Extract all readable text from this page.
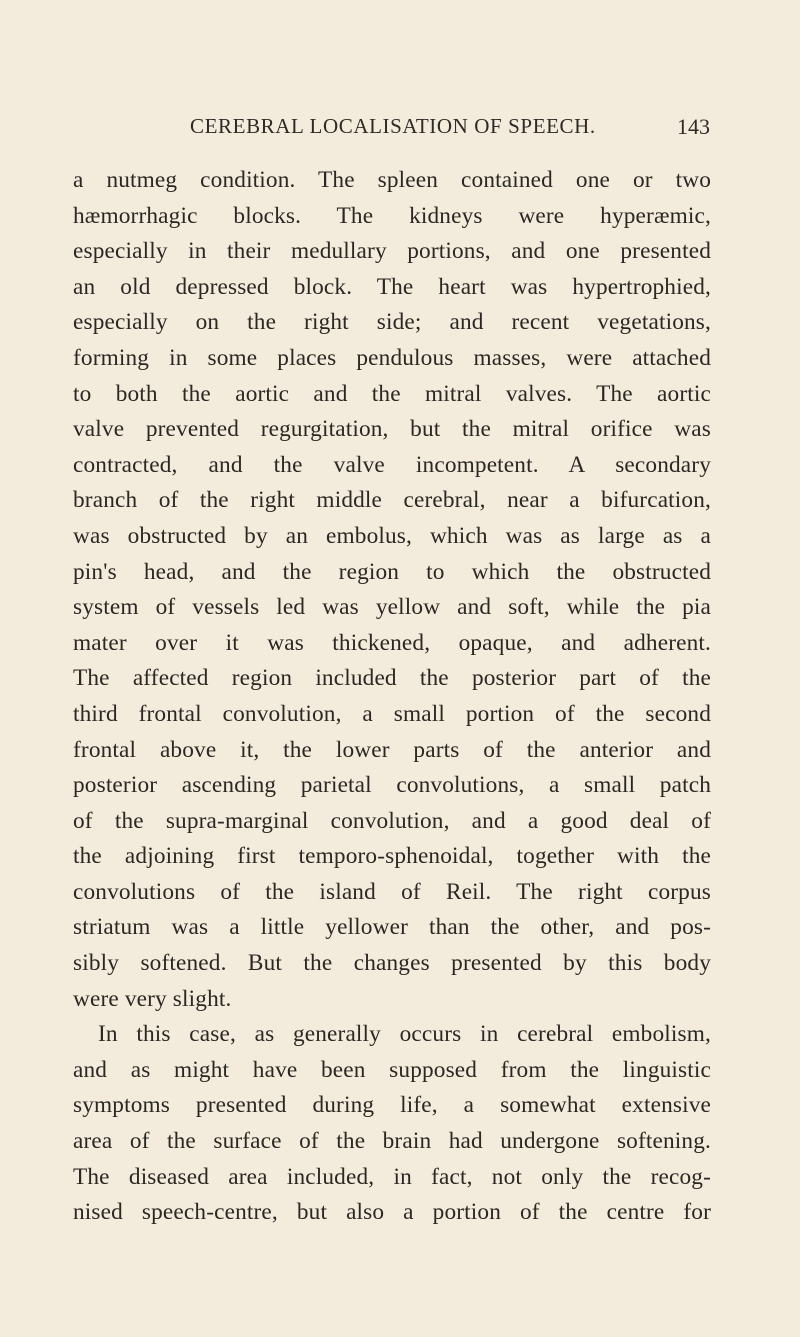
CEREBRAL LOCALISATION OF SPEECH.	143
a nutmeg condition. The spleen contained one or two
hæmorrhagic blocks. The kidneys were hyperæmic,
especially in their medullary portions, and one presented
an old depressed block. The heart was hypertrophied,
especially on the right side; and recent vegetations,
forming in some places pendulous masses, were attached
to both the aortic and the mitral valves. The aortic
valve prevented regurgitation, but the mitral orifice was
contracted, and the valve incompetent. A secondary
branch of the right middle cerebral, near a bifurcation,
was obstructed by an embolus, which was as large as a
pin's head, and the region to which the obstructed
system of vessels led was yellow and soft, while the pia
mater over it was thickened, opaque, and adherent.
The affected region included the posterior part of the
third frontal convolution, a small portion of the second
frontal above it, the lower parts of the anterior and
posterior ascending parietal convolutions, a small patch
of the supra-marginal convolution, and a good deal of
the adjoining first temporo-sphenoidal, together with the
convolutions of the island of Reil. The right corpus
striatum was a little yellower than the other, and pos-
sibly softened. But the changes presented by this body
were very slight.
In this case, as generally occurs in cerebral embolism,
and as might have been supposed from the linguistic
symptoms presented during life, a somewhat extensive
area of the surface of the brain had undergone softening.
The diseased area included, in fact, not only the recog-
nised speech-centre, but also a portion of the centre for
